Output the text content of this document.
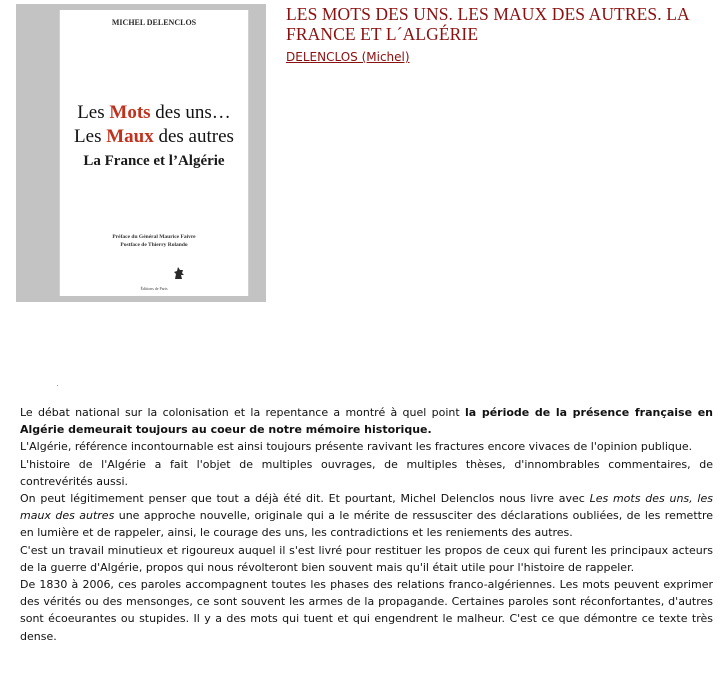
MICHEL DELENCLOS
Les Mots des uns…
Les Maux des autres
La France et l’Algérie
Préface du Général Maurice Faivre
Postface de Thierry Rolando
Éditions de Paris
LES MOTS DES UNS. LES MAUX DES AUTRES. LA FRANCE ET L´ALGÉRIE
DELENCLOS (Michel)

Le débat national sur la colonisation et la repentance a montré à quel point la période de la présence française en Algérie demeurait toujours au coeur de notre mémoire historique.

L'Algérie, référence incontournable est ainsi toujours présente ravivant les fractures encore vivaces de l'opinion publique.

L'histoire de l'Algérie a fait l'objet de multiples ouvrages, de multiples thèses, d'innombrables commentaires, de contrevérités aussi.

On peut légitimement penser que tout a déjà été dit. Et pourtant, Michel Delenclos nous livre avec Les mots des uns, les maux des autres une approche nouvelle, originale qui a le mérite de ressusciter des déclarations oubliées, de les remettre en lumière et de rappeler, ainsi, le courage des uns, les contradictions et les reniements des autres.

C'est un travail minutieux et rigoureux auquel il s'est livré pour restituer les propos de ceux qui furent les principaux acteurs de la guerre d'Algérie, propos qui nous révolteront bien souvent mais qu'il était utile pour l'histoire de rappeler.

De 1830 à 2006, ces paroles accompagnent toutes les phases des relations franco-algériennes. Les mots peuvent exprimer des vérités ou des mensonges, ce sont souvent les armes de la propagande. Certaines paroles sont réconfortantes, d'autres sont écoeurantes ou stupides. Il y a des mots qui tuent et qui engendrent le malheur. C'est ce que démontre ce texte très dense.
